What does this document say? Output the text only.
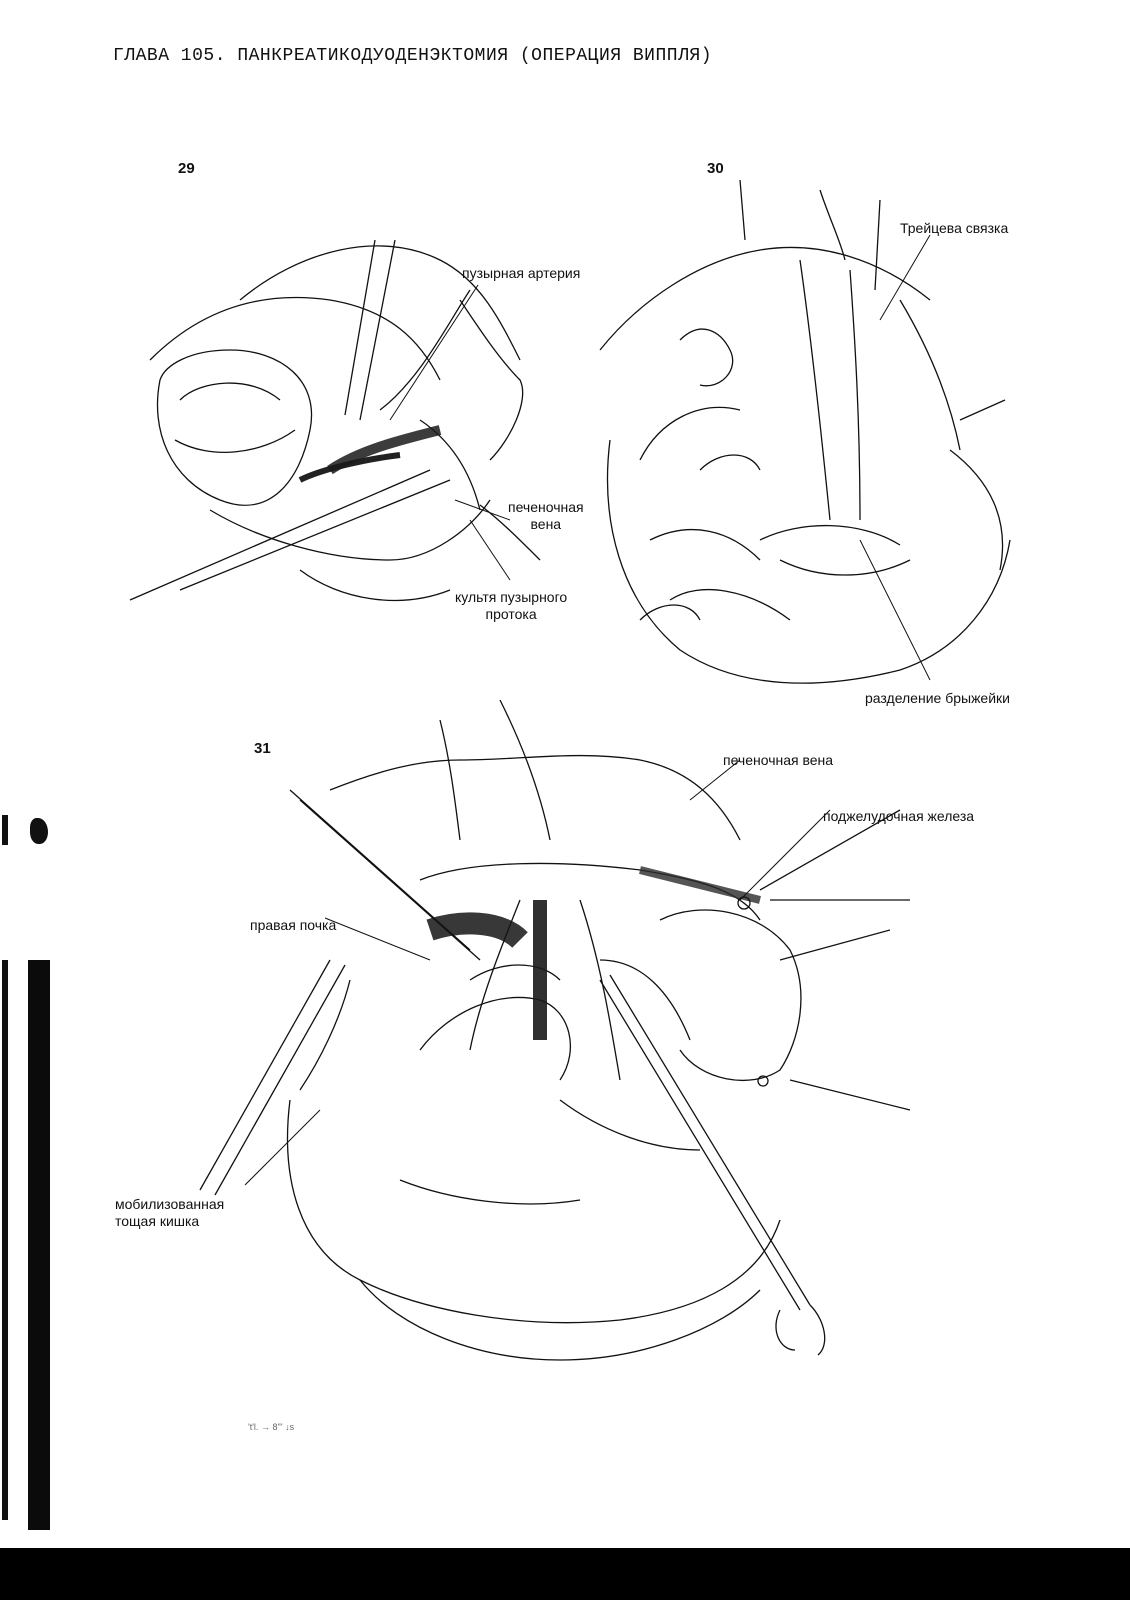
ГЛАВА 105. ПАНКРЕАТИКОДУОДЕНЭКТОМИЯ (ОПЕРАЦИЯ ВИППЛЯ)
29	30
31
пузырная артерия
печеночная
вена
культя пузырного
протока
Трейцева связка
разделение брыжейки
печеночная вена
поджелудочная железа
правая почка
мобилизованная
тощая кишка
't'l. → 8''' ↓s
